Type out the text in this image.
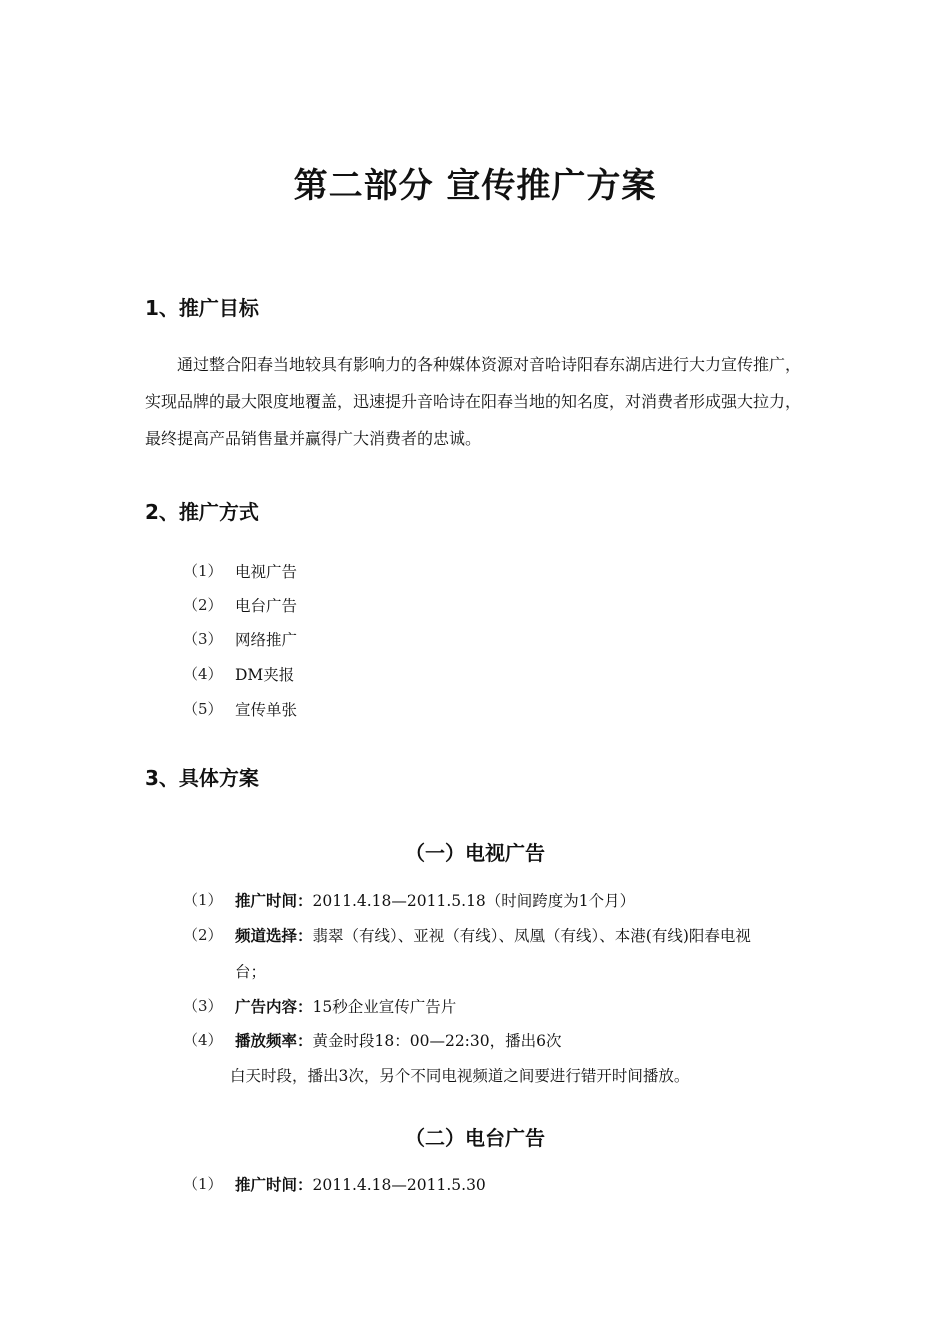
第二部分 宣传推广方案
1、推广目标
通过整合阳春当地较具有影响力的各种媒体资源对音哈诗阳春东湖店进行大力宣传推广，实现品牌的最大限度地覆盖，迅速提升音哈诗在阳春当地的知名度，对消费者形成强大拉力，最终提高产品销售量并赢得广大消费者的忠诚。
2、推广方式
（1） 电视广告
（2） 电台广告
（3） 网络推广
（4） DM夹报
（5） 宣传单张
3、具体方案
（一）电视广告
（1） 推广时间：2011.4.18—2011.5.18（时间跨度为1个月）
（2） 频道选择：翡翠（有线）、亚视（有线）、凤凰（有线）、本港(有线)阳春电视
台；
（3） 广告内容：15秒企业宣传广告片
（4） 播放频率：黄金时段18：00—22:30，播出6次
白天时段，播出3次，另个不同电视频道之间要进行错开时间播放。
（二）电台广告
（1） 推广时间：2011.4.18—2011.5.30
